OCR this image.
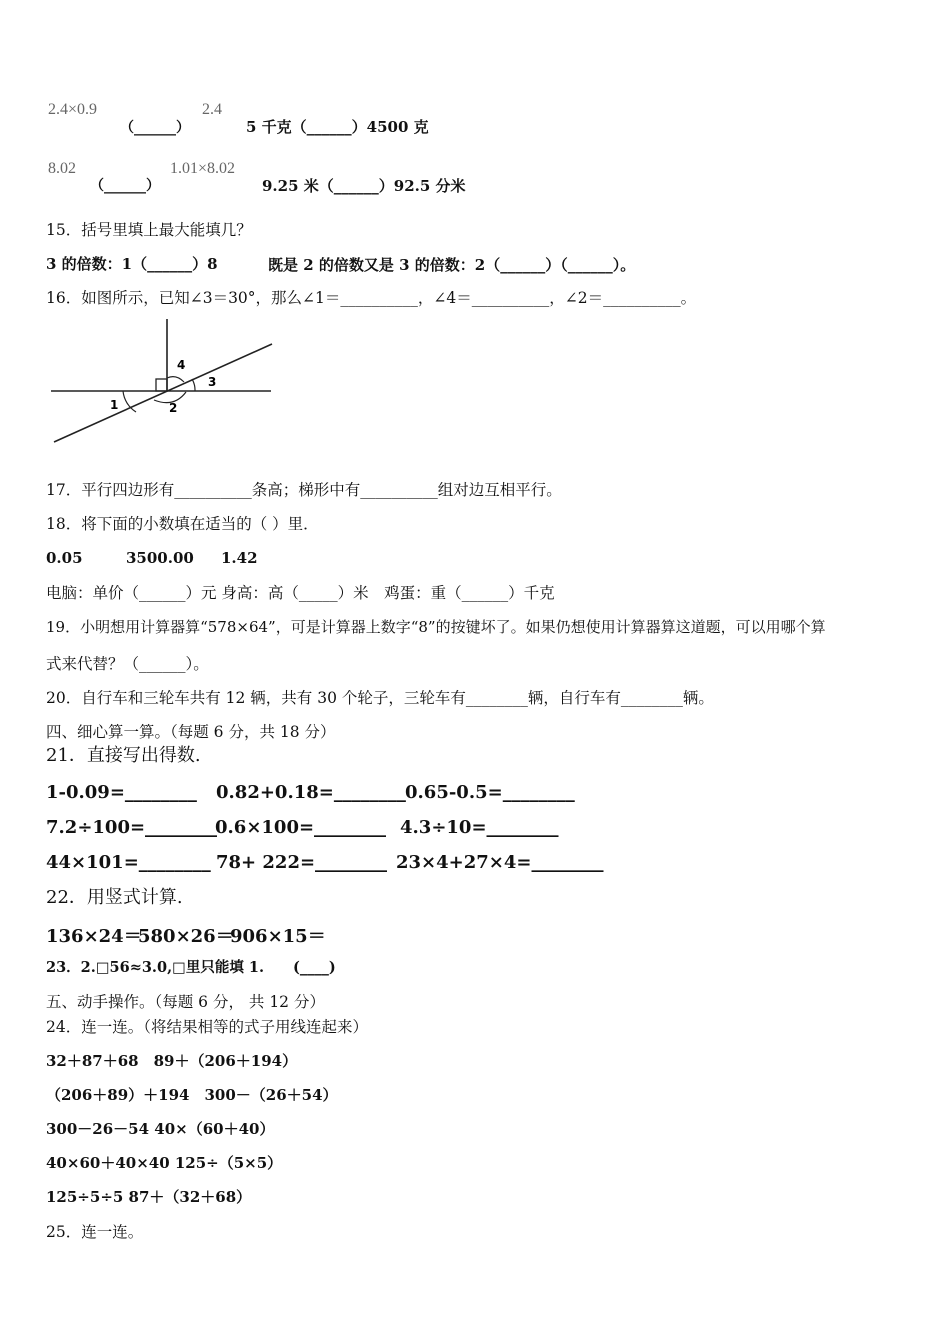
2.4×0.9
（______）
2.4
5 千克（______）4500 克
8.02
（______）
1.01×8.02
9.25 米（______）92.5 分米
15．括号里填上最大能填几？
3 的倍数：1（______）8	既是 2 的倍数又是 3 的倍数：2（______）（______）。
16．如图所示，已知∠3＝30°，那么∠1＝__________，∠4＝__________，∠2＝__________。
1	2
3
4
17．平行四边形有__________条高；梯形中有__________组对边互相平行。
18．将下面的小数填在适当的（ ）里．
0.05	3500.00 1.42
电脑：单价（______）元 身高：高（_____）米　鸡蛋：重（______）千克
19．小明想用计算器算“578×64”，可是计算器上数字“8”的按键坏了。如果仍想使用计算器算这道题，可以用哪个算
式来代替？（______）。
20．自行车和三轮车共有 12 辆，共有 30 个轮子，三轮车有________辆，自行车有________辆。
四、细心算一算。（每题 6 分，共 18 分）
21．直接写出得数.
1-0.09=________ 0.82+0.18=________ 0.65-0.5=________
7.2÷100=________
0.6×100=________ 4.3÷10=________
44×101=________ 78+ 222=________ 23×4+27×4=________
22．用竖式计算.
136×24＝
580×26＝
906×15＝
23．2.□56≈3.0,□里只能填 1.　　(____)
五、动手操作。（每题 6 分， 共 12 分）
24．连一连。（将结果相等的式子用线连起来）
32＋87＋68　89＋（206＋194）
（206＋89）＋194　300－（26＋54）
300－26－54 40×（60＋40）
40×60＋40×40 125÷（5×5）
125÷5÷5 87＋（32＋68）
25．连一连。
